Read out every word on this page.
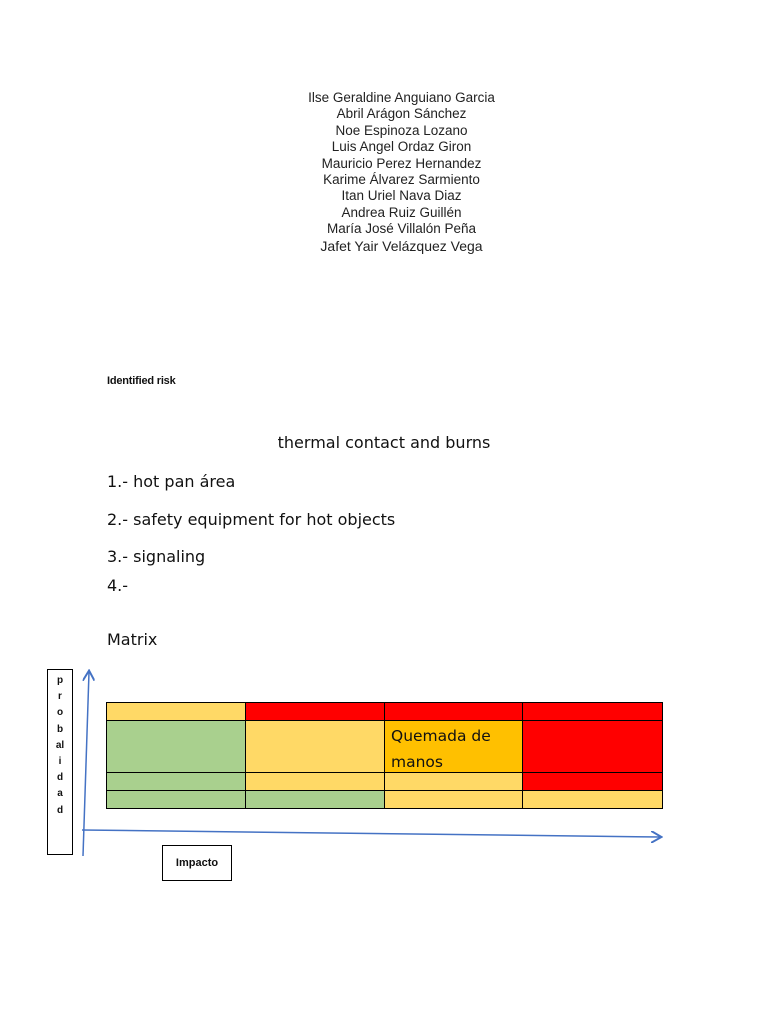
Ilse Geraldine Anguiano Garcia
Abril Arágon Sánchez
Noe Espinoza Lozano
Luis Angel Ordaz Giron
Mauricio Perez Hernandez
Karime Álvarez Sarmiento
Itan Uriel Nava Diaz
Andrea Ruiz Guillén
María José Villalón Peña
Jafet Yair Velázquez Vega
Identified risk
thermal contact and burns
1.- hot pan área
2.- safety equipment for hot objects
3.- signaling
4.-
Matrix
p
r
o
b
al
i
d
a
d
Quemada de manos
Impacto
